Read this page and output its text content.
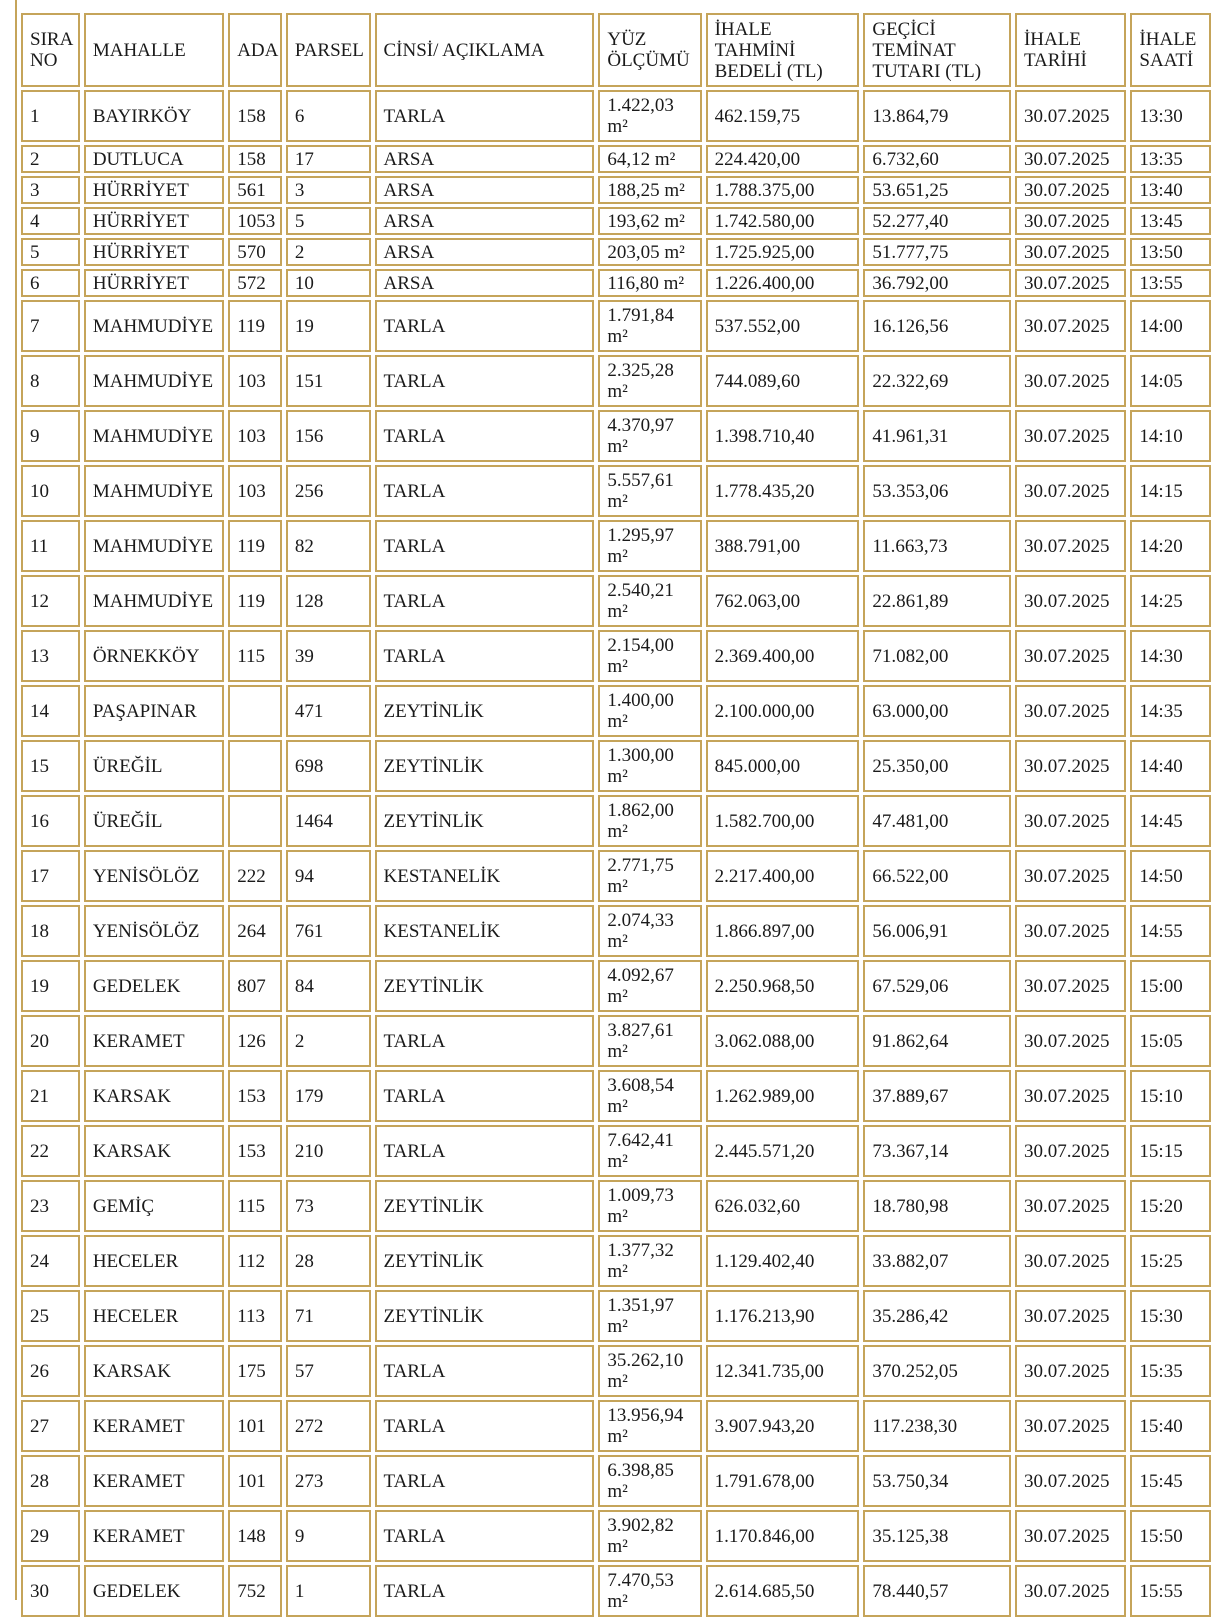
SIRA NO	MAHALLE	ADA	PARSEL	CİNSİ/ AÇIKLAMA	YÜZ ÖLÇÜMÜ	İHALE TAHMİNİ BEDELİ (TL)	GEÇİCİ TEMİNAT TUTARI (TL)	İHALE TARİHİ	İHALE SAATİ
1	BAYIRKÖY	158	6	TARLA	1.422,03 m²	462.159,75	13.864,79	30.07.2025	13:30
2	DUTLUCA	158	17	ARSA	64,12 m²	224.420,00	6.732,60	30.07.2025	13:35
3	HÜRRİYET	561	3	ARSA	188,25 m²	1.788.375,00	53.651,25	30.07.2025	13:40
4	HÜRRİYET	1053	5	ARSA	193,62 m²	1.742.580,00	52.277,40	30.07.2025	13:45
5	HÜRRİYET	570	2	ARSA	203,05 m²	1.725.925,00	51.777,75	30.07.2025	13:50
6	HÜRRİYET	572	10	ARSA	116,80 m²	1.226.400,00	36.792,00	30.07.2025	13:55
7	MAHMUDİYE	119	19	TARLA	1.791,84 m²	537.552,00	16.126,56	30.07.2025	14:00
8	MAHMUDİYE	103	151	TARLA	2.325,28 m²	744.089,60	22.322,69	30.07.2025	14:05
9	MAHMUDİYE	103	156	TARLA	4.370,97 m²	1.398.710,40	41.961,31	30.07.2025	14:10
10	MAHMUDİYE	103	256	TARLA	5.557,61 m²	1.778.435,20	53.353,06	30.07.2025	14:15
11	MAHMUDİYE	119	82	TARLA	1.295,97 m²	388.791,00	11.663,73	30.07.2025	14:20
12	MAHMUDİYE	119	128	TARLA	2.540,21 m²	762.063,00	22.861,89	30.07.2025	14:25
13	ÖRNEKKÖY	115	39	TARLA	2.154,00 m²	2.369.400,00	71.082,00	30.07.2025	14:30
14	PAŞAPINAR		471	ZEYTİNLİK	1.400,00 m²	2.100.000,00	63.000,00	30.07.2025	14:35
15	ÜREĞİL		698	ZEYTİNLİK	1.300,00 m²	845.000,00	25.350,00	30.07.2025	14:40
16	ÜREĞİL		1464	ZEYTİNLİK	1.862,00 m²	1.582.700,00	47.481,00	30.07.2025	14:45
17	YENİSÖLÖZ	222	94	KESTANELİK	2.771,75 m²	2.217.400,00	66.522,00	30.07.2025	14:50
18	YENİSÖLÖZ	264	761	KESTANELİK	2.074,33 m²	1.866.897,00	56.006,91	30.07.2025	14:55
19	GEDELEK	807	84	ZEYTİNLİK	4.092,67 m²	2.250.968,50	67.529,06	30.07.2025	15:00
20	KERAMET	126	2	TARLA	3.827,61 m²	3.062.088,00	91.862,64	30.07.2025	15:05
21	KARSAK	153	179	TARLA	3.608,54 m²	1.262.989,00	37.889,67	30.07.2025	15:10
22	KARSAK	153	210	TARLA	7.642,41 m²	2.445.571,20	73.367,14	30.07.2025	15:15
23	GEMİÇ	115	73	ZEYTİNLİK	1.009,73 m²	626.032,60	18.780,98	30.07.2025	15:20
24	HECELER	112	28	ZEYTİNLİK	1.377,32 m²	1.129.402,40	33.882,07	30.07.2025	15:25
25	HECELER	113	71	ZEYTİNLİK	1.351,97 m²	1.176.213,90	35.286,42	30.07.2025	15:30
26	KARSAK	175	57	TARLA	35.262,10 m²	12.341.735,00	370.252,05	30.07.2025	15:35
27	KERAMET	101	272	TARLA	13.956,94 m²	3.907.943,20	117.238,30	30.07.2025	15:40
28	KERAMET	101	273	TARLA	6.398,85 m²	1.791.678,00	53.750,34	30.07.2025	15:45
29	KERAMET	148	9	TARLA	3.902,82 m²	1.170.846,00	35.125,38	30.07.2025	15:50
30	GEDELEK	752	1	TARLA	7.470,53 m²	2.614.685,50	78.440,57	30.07.2025	15:55
